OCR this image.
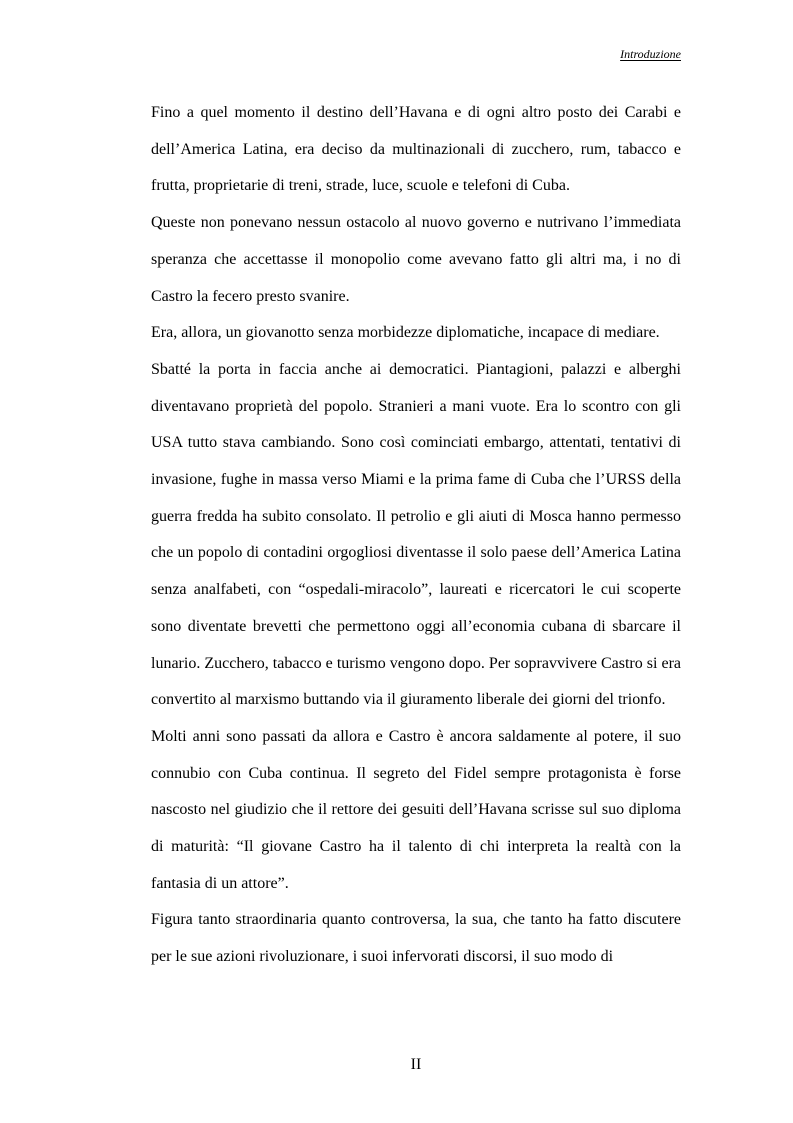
Introduzione

Fino a quel momento il destino dell’Havana e di ogni altro posto dei Carabi e dell’America Latina, era deciso da multinazionali di zucchero, rum, tabacco e frutta, proprietarie di treni, strade, luce, scuole e telefoni di Cuba.

Queste non ponevano nessun ostacolo al nuovo governo e nutrivano l’immediata speranza che accettasse il monopolio come avevano fatto gli altri ma, i no di Castro la fecero presto svanire.

Era, allora, un giovanotto senza morbidezze diplomatiche, incapace di mediare.

Sbatté la porta in faccia anche ai democratici. Piantagioni, palazzi e alberghi diventavano proprietà del popolo. Stranieri a mani vuote. Era lo scontro con gli USA tutto stava cambiando. Sono così cominciati embargo, attentati, tentativi di invasione, fughe in massa verso Miami e la prima fame di Cuba che l’URSS della guerra fredda ha subito consolato. Il petrolio e gli aiuti di Mosca hanno permesso che un popolo di contadini orgogliosi diventasse il solo paese dell’America Latina senza analfabeti, con “ospedali-miracolo”, laureati e ricercatori le cui scoperte sono diventate brevetti che permettono oggi all’economia cubana di sbarcare il lunario. Zucchero, tabacco e turismo vengono dopo. Per sopravvivere Castro si era convertito al marxismo buttando via il giuramento liberale dei giorni del trionfo.

Molti anni sono passati da allora e Castro è ancora saldamente al potere, il suo connubio con Cuba continua. Il segreto del Fidel sempre protagonista è forse nascosto nel giudizio che il rettore dei gesuiti dell’Havana scrisse sul suo diploma di maturità: “Il giovane Castro ha il talento di chi interpreta la realtà con la fantasia di un attore”.

Figura tanto straordinaria quanto controversa, la sua, che tanto ha fatto discutere per le sue azioni rivoluzionare, i suoi infervorati discorsi, il suo modo di

II
